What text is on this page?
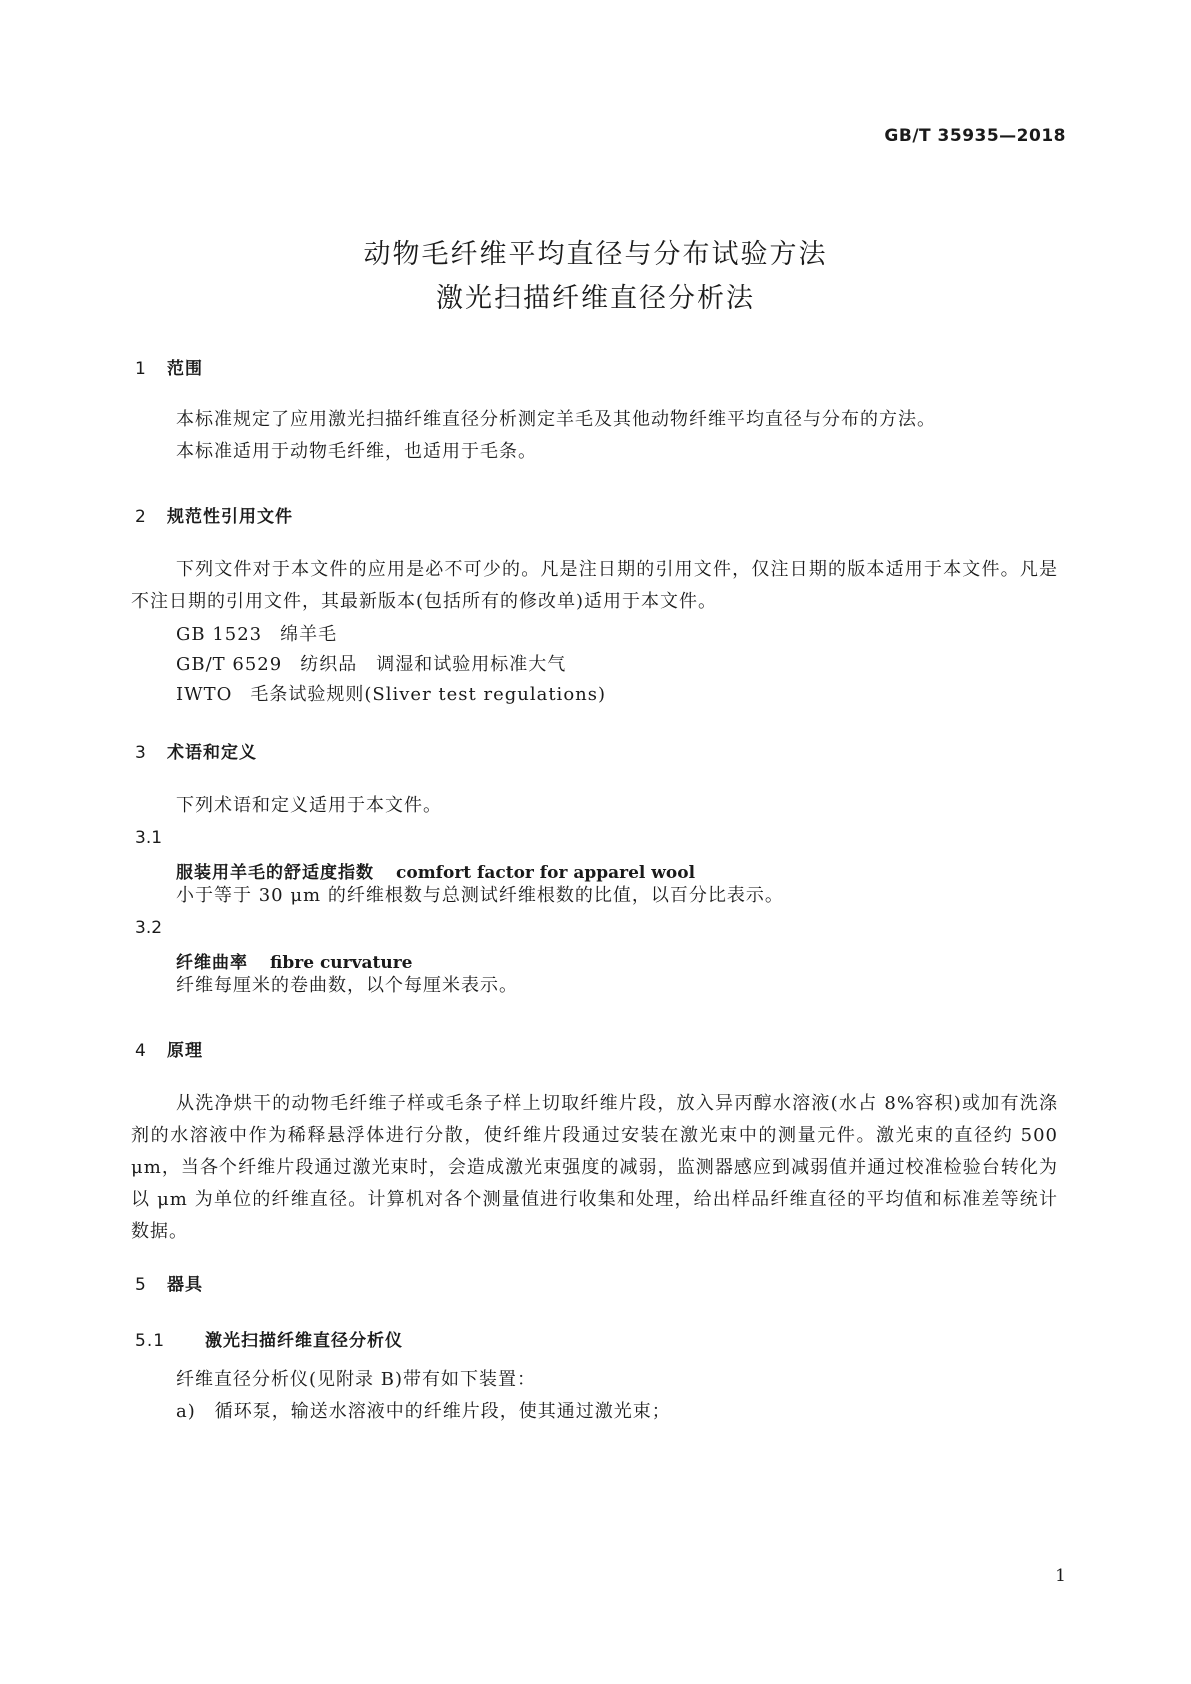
GB/T 35935—2018
动物毛纤维平均直径与分布试验方法
激光扫描纤维直径分析法
1 范围
本标准规定了应用激光扫描纤维直径分析测定羊毛及其他动物纤维平均直径与分布的方法。
本标准适用于动物毛纤维，也适用于毛条。
2 规范性引用文件
下列文件对于本文件的应用是必不可少的。凡是注日期的引用文件，仅注日期的版本适用于本文件。凡是不注日期的引用文件，其最新版本(包括所有的修改单)适用于本文件。
GB 1523 绵羊毛
GB/T 6529 纺织品　调湿和试验用标准大气
IWTO 毛条试验规则(Sliver test regulations)
3 术语和定义
下列术语和定义适用于本文件。
3.1
服装用羊毛的舒适度指数 comfort factor for apparel wool
小于等于 30 μm 的纤维根数与总测试纤维根数的比值，以百分比表示。
3.2
纤维曲率 fibre curvature
纤维每厘米的卷曲数，以个每厘米表示。
4 原理
从洗净烘干的动物毛纤维子样或毛条子样上切取纤维片段，放入异丙醇水溶液(水占 8%容积)或加有洗涤剂的水溶液中作为稀释悬浮体进行分散，使纤维片段通过安装在激光束中的测量元件。激光束的直径约 500 μm，当各个纤维片段通过激光束时，会造成激光束强度的减弱，监测器感应到减弱值并通过校准检验台转化为以 μm 为单位的纤维直径。计算机对各个测量值进行收集和处理，给出样品纤维直径的平均值和标准差等统计数据。
5 器具
5.1 激光扫描纤维直径分析仪
纤维直径分析仪(见附录 B)带有如下装置：
a)　循环泵，输送水溶液中的纤维片段，使其通过激光束；
1
